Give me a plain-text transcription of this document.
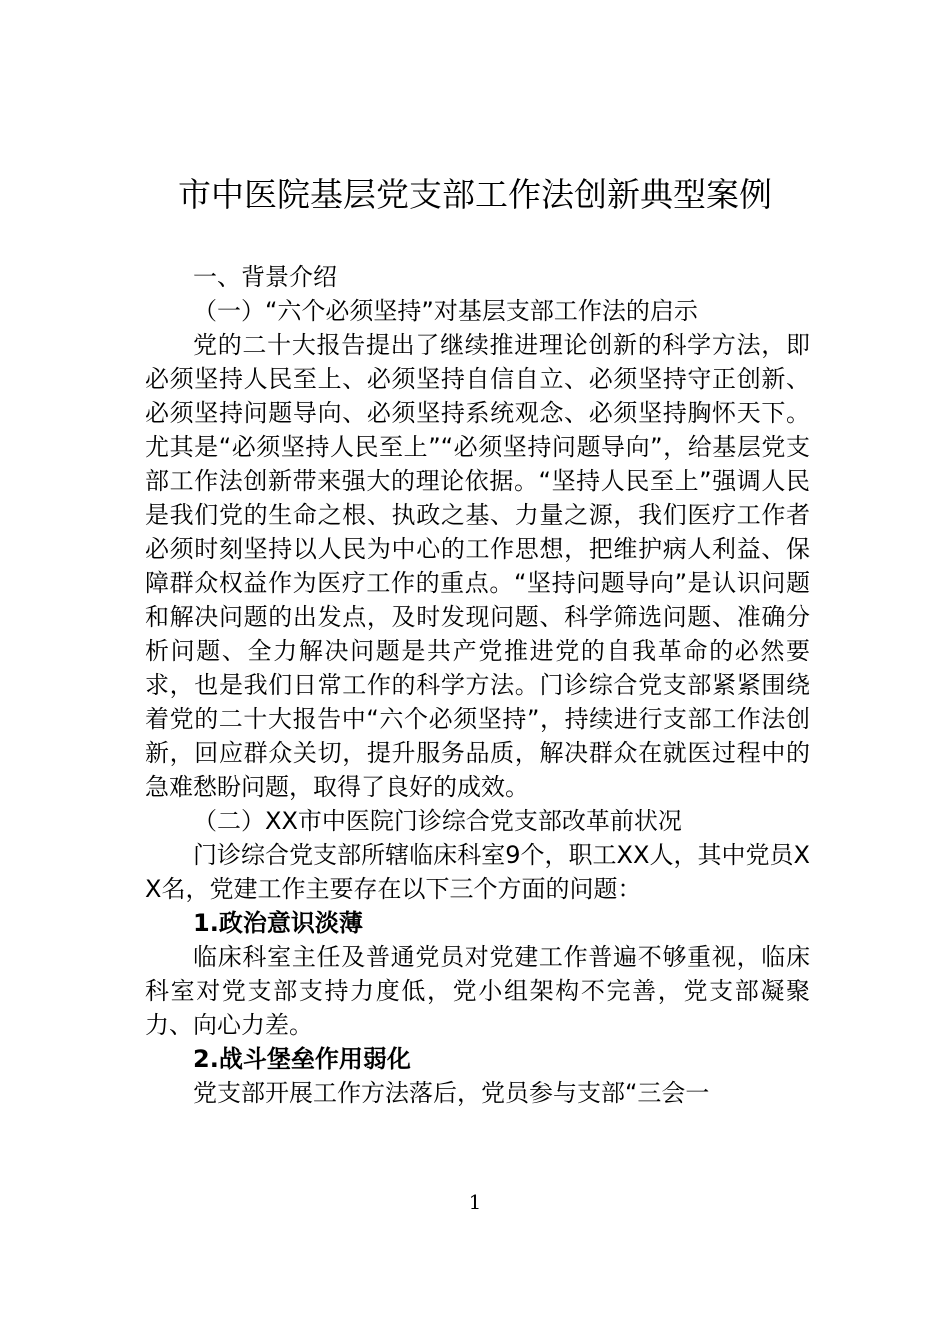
市中医院基层党支部工作法创新典型案例

一、背景介绍

（一）“六个必须坚持”对基层支部工作法的启示

党的二十大报告提出了继续推进理论创新的科学方法，即必须坚持人民至上、必须坚持自信自立、必须坚持守正创新、必须坚持问题导向、必须坚持系统观念、必须坚持胸怀天下。尤其是“必须坚持人民至上”“必须坚持问题导向”，给基层党支部工作法创新带来强大的理论依据。“坚持人民至上”强调人民是我们党的生命之根、执政之基、力量之源，我们医疗工作者必须时刻坚持以人民为中心的工作思想，把维护病人利益、保障群众权益作为医疗工作的重点。“坚持问题导向”是认识问题和解决问题的出发点，及时发现问题、科学筛选问题、准确分析问题、全力解决问题是共产党推进党的自我革命的必然要求，也是我们日常工作的科学方法。门诊综合党支部紧紧围绕着党的二十大报告中“六个必须坚持”，持续进行支部工作法创新，回应群众关切，提升服务品质，解决群众在就医过程中的急难愁盼问题，取得了良好的成效。

（二）XX市中医院门诊综合党支部改革前状况

门诊综合党支部所辖临床科室9个，职工XX人，其中党员XX名，党建工作主要存在以下三个方面的问题：

1.政治意识淡薄

临床科室主任及普通党员对党建工作普遍不够重视，临床科室对党支部支持力度低，党小组架构不完善，党支部凝聚力、向心力差。

2.战斗堡垒作用弱化

党支部开展工作方法落后，党员参与支部“三会一

1
